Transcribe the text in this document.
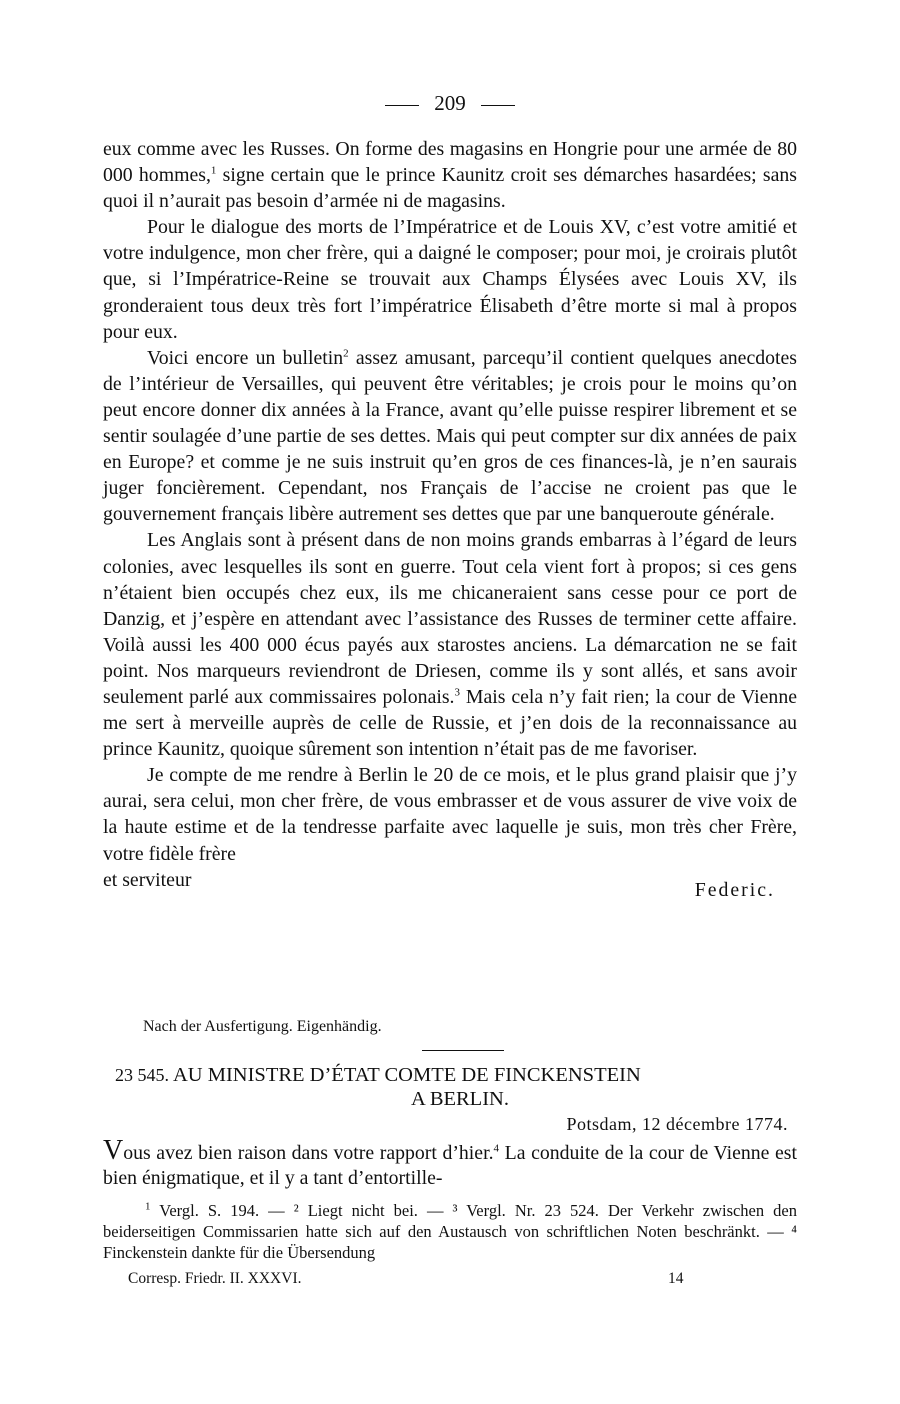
209

eux comme avec les Russes. On forme des magasins en Hongrie pour une armée de 80 000 hommes,$^1$ signe certain que le prince Kaunitz croit ses démarches hasardées; sans quoi il n’aurait pas besoin d’armée ni de magasins.

Pour le dialogue des morts de l’Impératrice et de Louis XV, c’est votre amitié et votre indulgence, mon cher frère, qui a daigné le composer; pour moi, je croirais plutôt que, si l’Impératrice-Reine se trouvait aux Champs Élysées avec Louis XV, ils gronderaient tous deux très fort l’impératrice Élisabeth d’être morte si mal à propos pour eux.

Voici encore un bulletin$^2$ assez amusant, parcequ’il contient quelques anecdotes de l’intérieur de Versailles, qui peuvent être véritables; je crois pour le moins qu’on peut encore donner dix années à la France, avant qu’elle puisse respirer librement et se sentir soulagée d’une partie de ses dettes. Mais qui peut compter sur dix années de paix en Europe? et comme je ne suis instruit qu’en gros de ces finances-là, je n’en saurais juger foncièrement. Cependant, nos Français de l’accise ne croient pas que le gouvernement français libère autrement ses dettes que par une banqueroute générale.

Les Anglais sont à présent dans de non moins grands embarras à l’égard de leurs colonies, avec lesquelles ils sont en guerre. Tout cela vient fort à propos; si ces gens n’étaient bien occupés chez eux, ils me chicaneraient sans cesse pour ce port de Danzig, et j’espère en attendant avec l’assistance des Russes de terminer cette affaire. Voilà aussi les 400 000 écus payés aux starostes anciens. La démarcation ne se fait point. Nos marqueurs reviendront de Driesen, comme ils y sont allés, et sans avoir seulement parlé aux commissaires polonais.$^3$ Mais cela n’y fait rien; la cour de Vienne me sert à merveille auprès de celle de Russie, et j’en dois de la reconnaissance au prince Kaunitz, quoique sûrement son intention n’était pas de me favoriser.

Je compte de me rendre à Berlin le 20 de ce mois, et le plus grand plaisir que j’y aurai, sera celui, mon cher frère, de vous embrasser et de vous assurer de vive voix de la haute estime et de la tendresse parfaite avec laquelle je suis, mon très cher Frère, votre fidèle frère

et serviteur	Federic.
Nach der Ausfertigung. Eigenhändig.
23 545. AU MINISTRE D’ÉTAT COMTE DE FINCKENSTEIN
A BERLIN.
Potsdam, 12 décembre 1774.
Vous avez bien raison dans votre rapport d’hier.$^4$ La conduite de la cour de Vienne est bien énigmatique, et il y a tant d’entortille-

$^1$ Vergl. S. 194. — ² Liegt nicht bei. — ³ Vergl. Nr. 23 524. Der Verkehr zwischen den beiderseitigen Commissarien hatte sich auf den Austausch von schriftlichen Noten beschränkt. — ⁴ Finckenstein dankte für die Übersendung

Corresp. Friedr. II. XXXVI.	14
